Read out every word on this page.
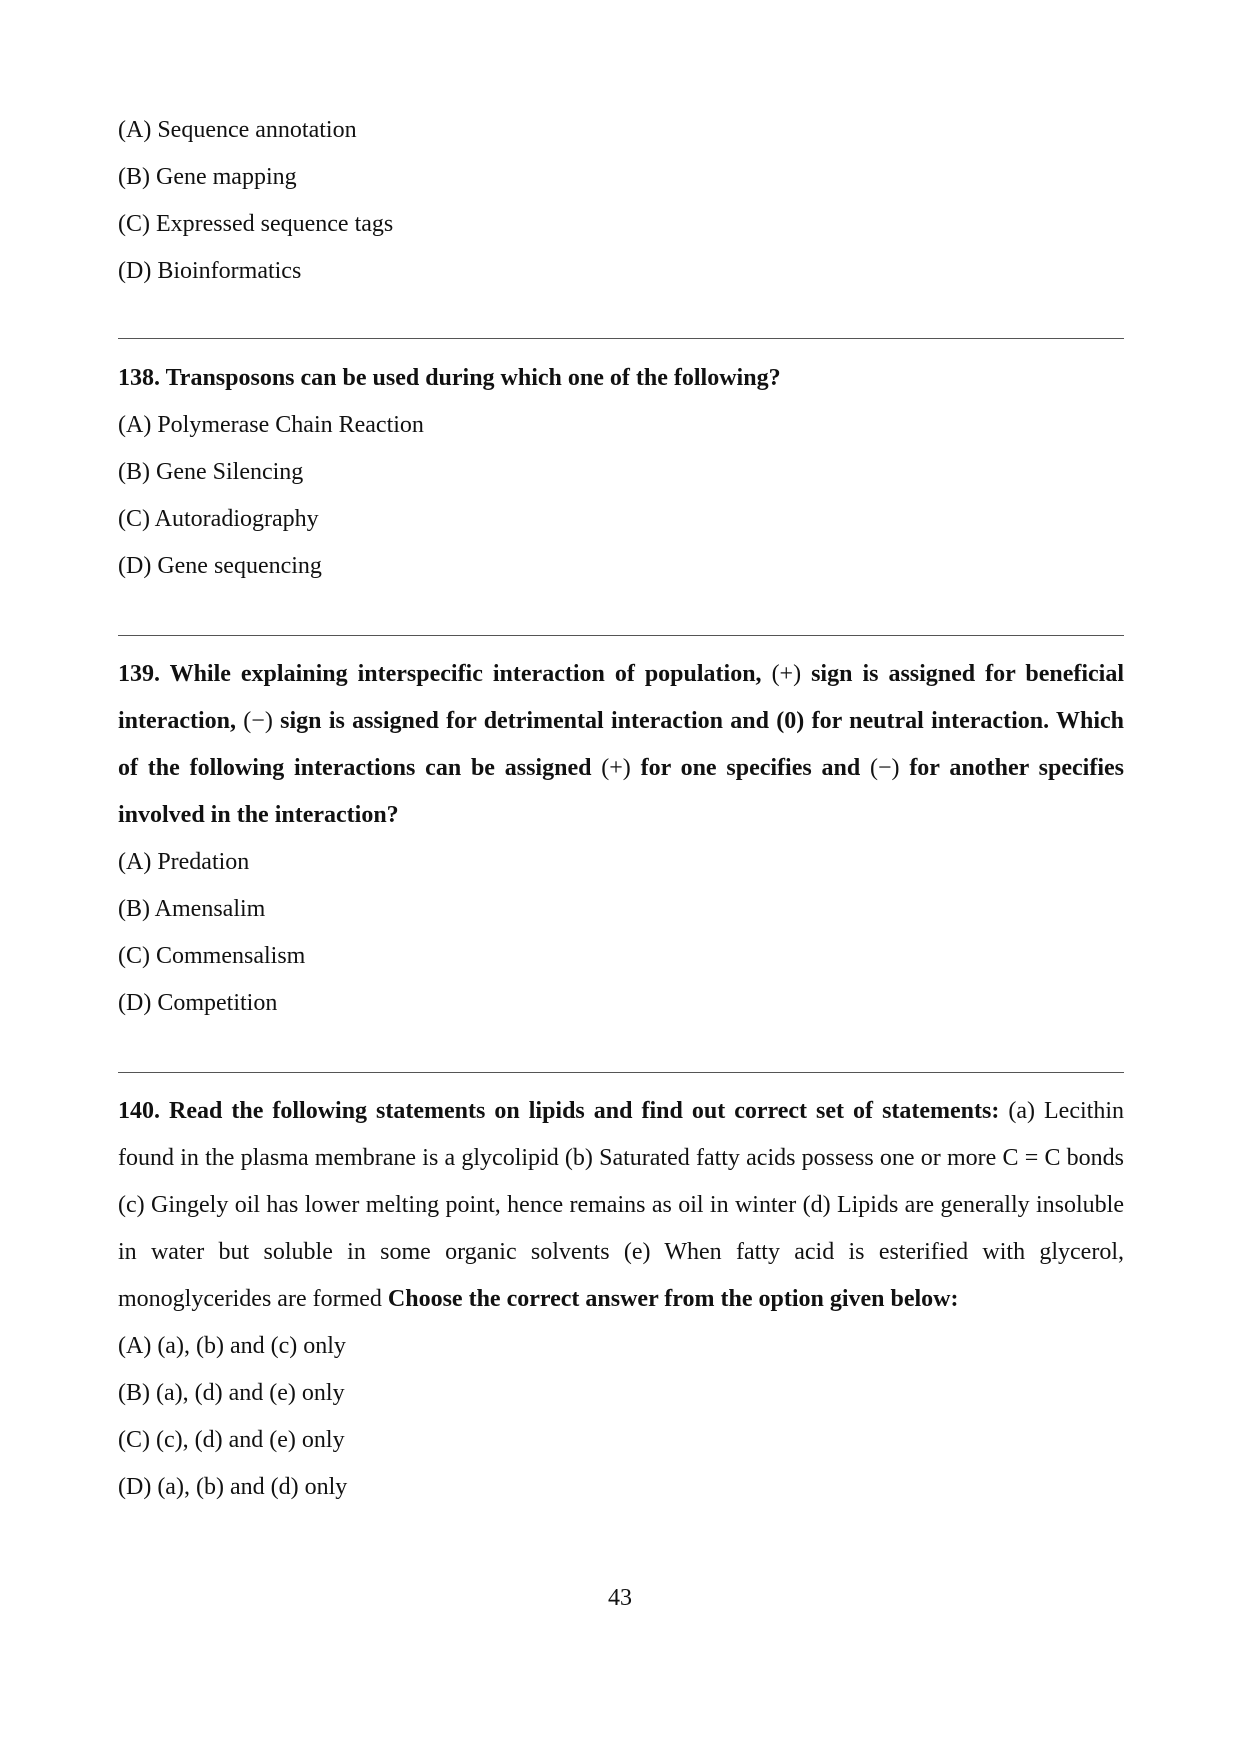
(A) Sequence annotation
(B) Gene mapping
(C) Expressed sequence tags
(D) Bioinformatics
138. Transposons can be used during which one of the following?
(A) Polymerase Chain Reaction
(B) Gene Silencing
(C) Autoradiography
(D) Gene sequencing
139. While explaining interspecific interaction of population, (+) sign is assigned for beneficial interaction, (−) sign is assigned for detrimental interaction and (0) for neutral interaction. Which of the following interactions can be assigned (+) for one specifies and (−) for another specifies involved in the interaction?
(A) Predation
(B) Amensalim
(C) Commensalism
(D) Competition
140. Read the following statements on lipids and find out correct set of statements: (a) Lecithin found in the plasma membrane is a glycolipid (b) Saturated fatty acids possess one or more C = C bonds (c) Gingely oil has lower melting point, hence remains as oil in winter (d) Lipids are generally insoluble in water but soluble in some organic solvents (e) When fatty acid is esterified with glycerol, monoglycerides are formed Choose the correct answer from the option given below:
(A) (a), (b) and (c) only
(B) (a), (d) and (e) only
(C) (c), (d) and (e) only
(D) (a), (b) and (d) only
43
